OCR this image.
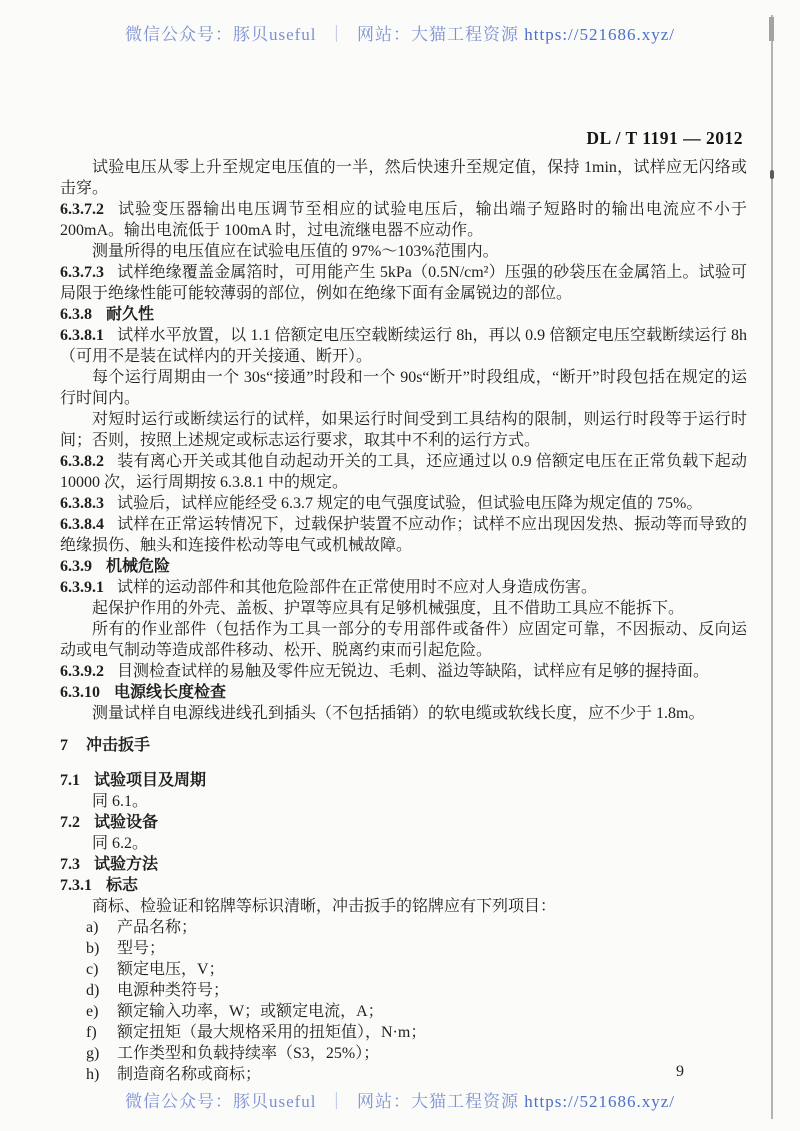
微信公众号：豚贝useful ｜ 网站：大猫工程资源 https://521686.xyz/
DL / T 1191 — 2012
试验电压从零上升至规定电压值的一半，然后快速升至规定值，保持 1min，试样应无闪络或击穿。
6.3.7.2 试验变压器输出电压调节至相应的试验电压后，输出端子短路时的输出电流应不小于 200mA。输出电流低于 100mA 时，过电流继电器不应动作。
测量所得的电压值应在试验电压值的 97%～103%范围内。
6.3.7.3 试样绝缘覆盖金属箔时，可用能产生 5kPa（0.5N/cm²）压强的砂袋压在金属箔上。试验可局限于绝缘性能可能较薄弱的部位，例如在绝缘下面有金属锐边的部位。
6.3.8 耐久性
6.3.8.1 试样水平放置，以 1.1 倍额定电压空载断续运行 8h，再以 0.9 倍额定电压空载断续运行 8h（可用不是装在试样内的开关接通、断开）。
每个运行周期由一个 30s“接通”时段和一个 90s“断开”时段组成，“断开”时段包括在规定的运行时间内。
对短时运行或断续运行的试样，如果运行时间受到工具结构的限制，则运行时段等于运行时间；否则，按照上述规定或标志运行要求，取其中不利的运行方式。
6.3.8.2 装有离心开关或其他自动起动开关的工具，还应通过以 0.9 倍额定电压在正常负载下起动 10000 次，运行周期按 6.3.8.1 中的规定。
6.3.8.3 试验后，试样应能经受 6.3.7 规定的电气强度试验，但试验电压降为规定值的 75%。
6.3.8.4 试样在正常运转情况下，过载保护装置不应动作；试样不应出现因发热、振动等而导致的绝缘损伤、触头和连接件松动等电气或机械故障。
6.3.9 机械危险
6.3.9.1 试样的运动部件和其他危险部件在正常使用时不应对人身造成伤害。
起保护作用的外壳、盖板、护罩等应具有足够机械强度，且不借助工具应不能拆下。
所有的作业部件（包括作为工具一部分的专用部件或备件）应固定可靠，不因振动、反向运动或电气制动等造成部件移动、松开、脱离约束而引起危险。
6.3.9.2 目测检查试样的易触及零件应无锐边、毛刺、溢边等缺陷，试样应有足够的握持面。
6.3.10 电源线长度检查
测量试样自电源线进线孔到插头（不包括插销）的软电缆或软线长度，应不少于 1.8m。
7 冲击扳手
7.1 试验项目及周期
同 6.1。
7.2 试验设备
同 6.2。
7.3 试验方法
7.3.1 标志
商标、检验证和铭牌等标识清晰，冲击扳手的铭牌应有下列项目：
a) 产品名称；
b) 型号；
c) 额定电压，V；
d) 电源种类符号；
e) 额定输入功率，W；或额定电流，A；
f) 额定扭矩（最大规格采用的扭矩值），N·m；
g) 工作类型和负载持续率（S3，25%）；
h) 制造商名称或商标；	9
微信公众号：豚贝useful ｜ 网站：大猫工程资源 https://521686.xyz/
